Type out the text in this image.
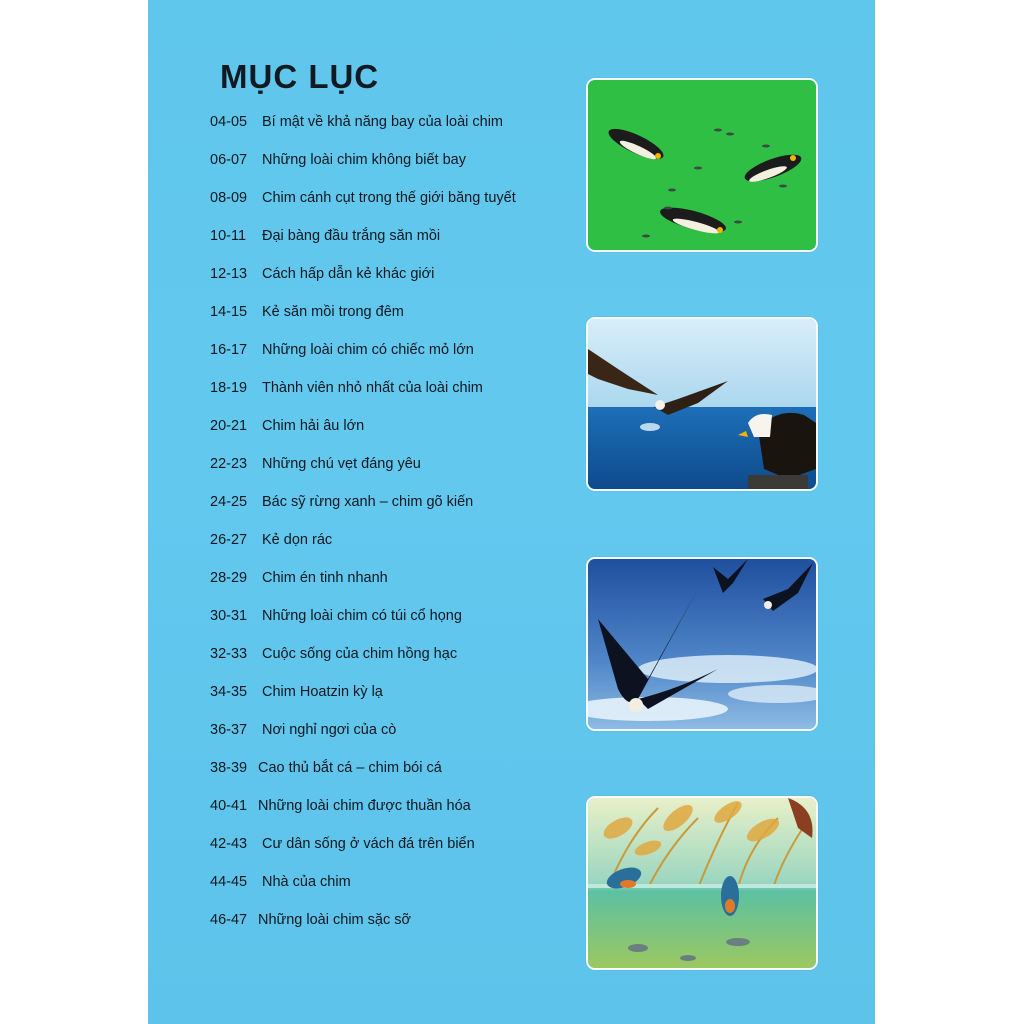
MỤC LỤC
04-05	Bí mật về khả năng bay của loài chim
06-07	Những loài chim không biết bay
08-09	Chim cánh cụt trong thế giới băng tuyết
10-11	Đại bàng đầu trắng săn mồi
12-13	Cách hấp dẫn kẻ khác giới
14-15	Kẻ săn mồi trong đêm
16-17	Những loài chim có chiếc mỏ lớn
18-19	Thành viên nhỏ nhất của loài chim
20-21	Chim hải âu lớn
22-23	Những chú vẹt đáng yêu
24-25	Bác sỹ rừng xanh – chim gõ kiến
26-27	Kẻ dọn rác
28-29	Chim én tinh nhanh
30-31	Những loài chim có túi cổ họng
32-33	Cuộc sống của chim hồng hạc
34-35	Chim Hoatzin kỳ lạ
36-37	Nơi nghỉ ngơi của cò
38-39 Cao thủ bắt cá – chim bói cá
40-41 Những loài chim được thuần hóa
42-43	Cư dân sống ở vách đá trên biển
44-45	Nhà của chim
46-47 Những loài chim sặc sỡ
